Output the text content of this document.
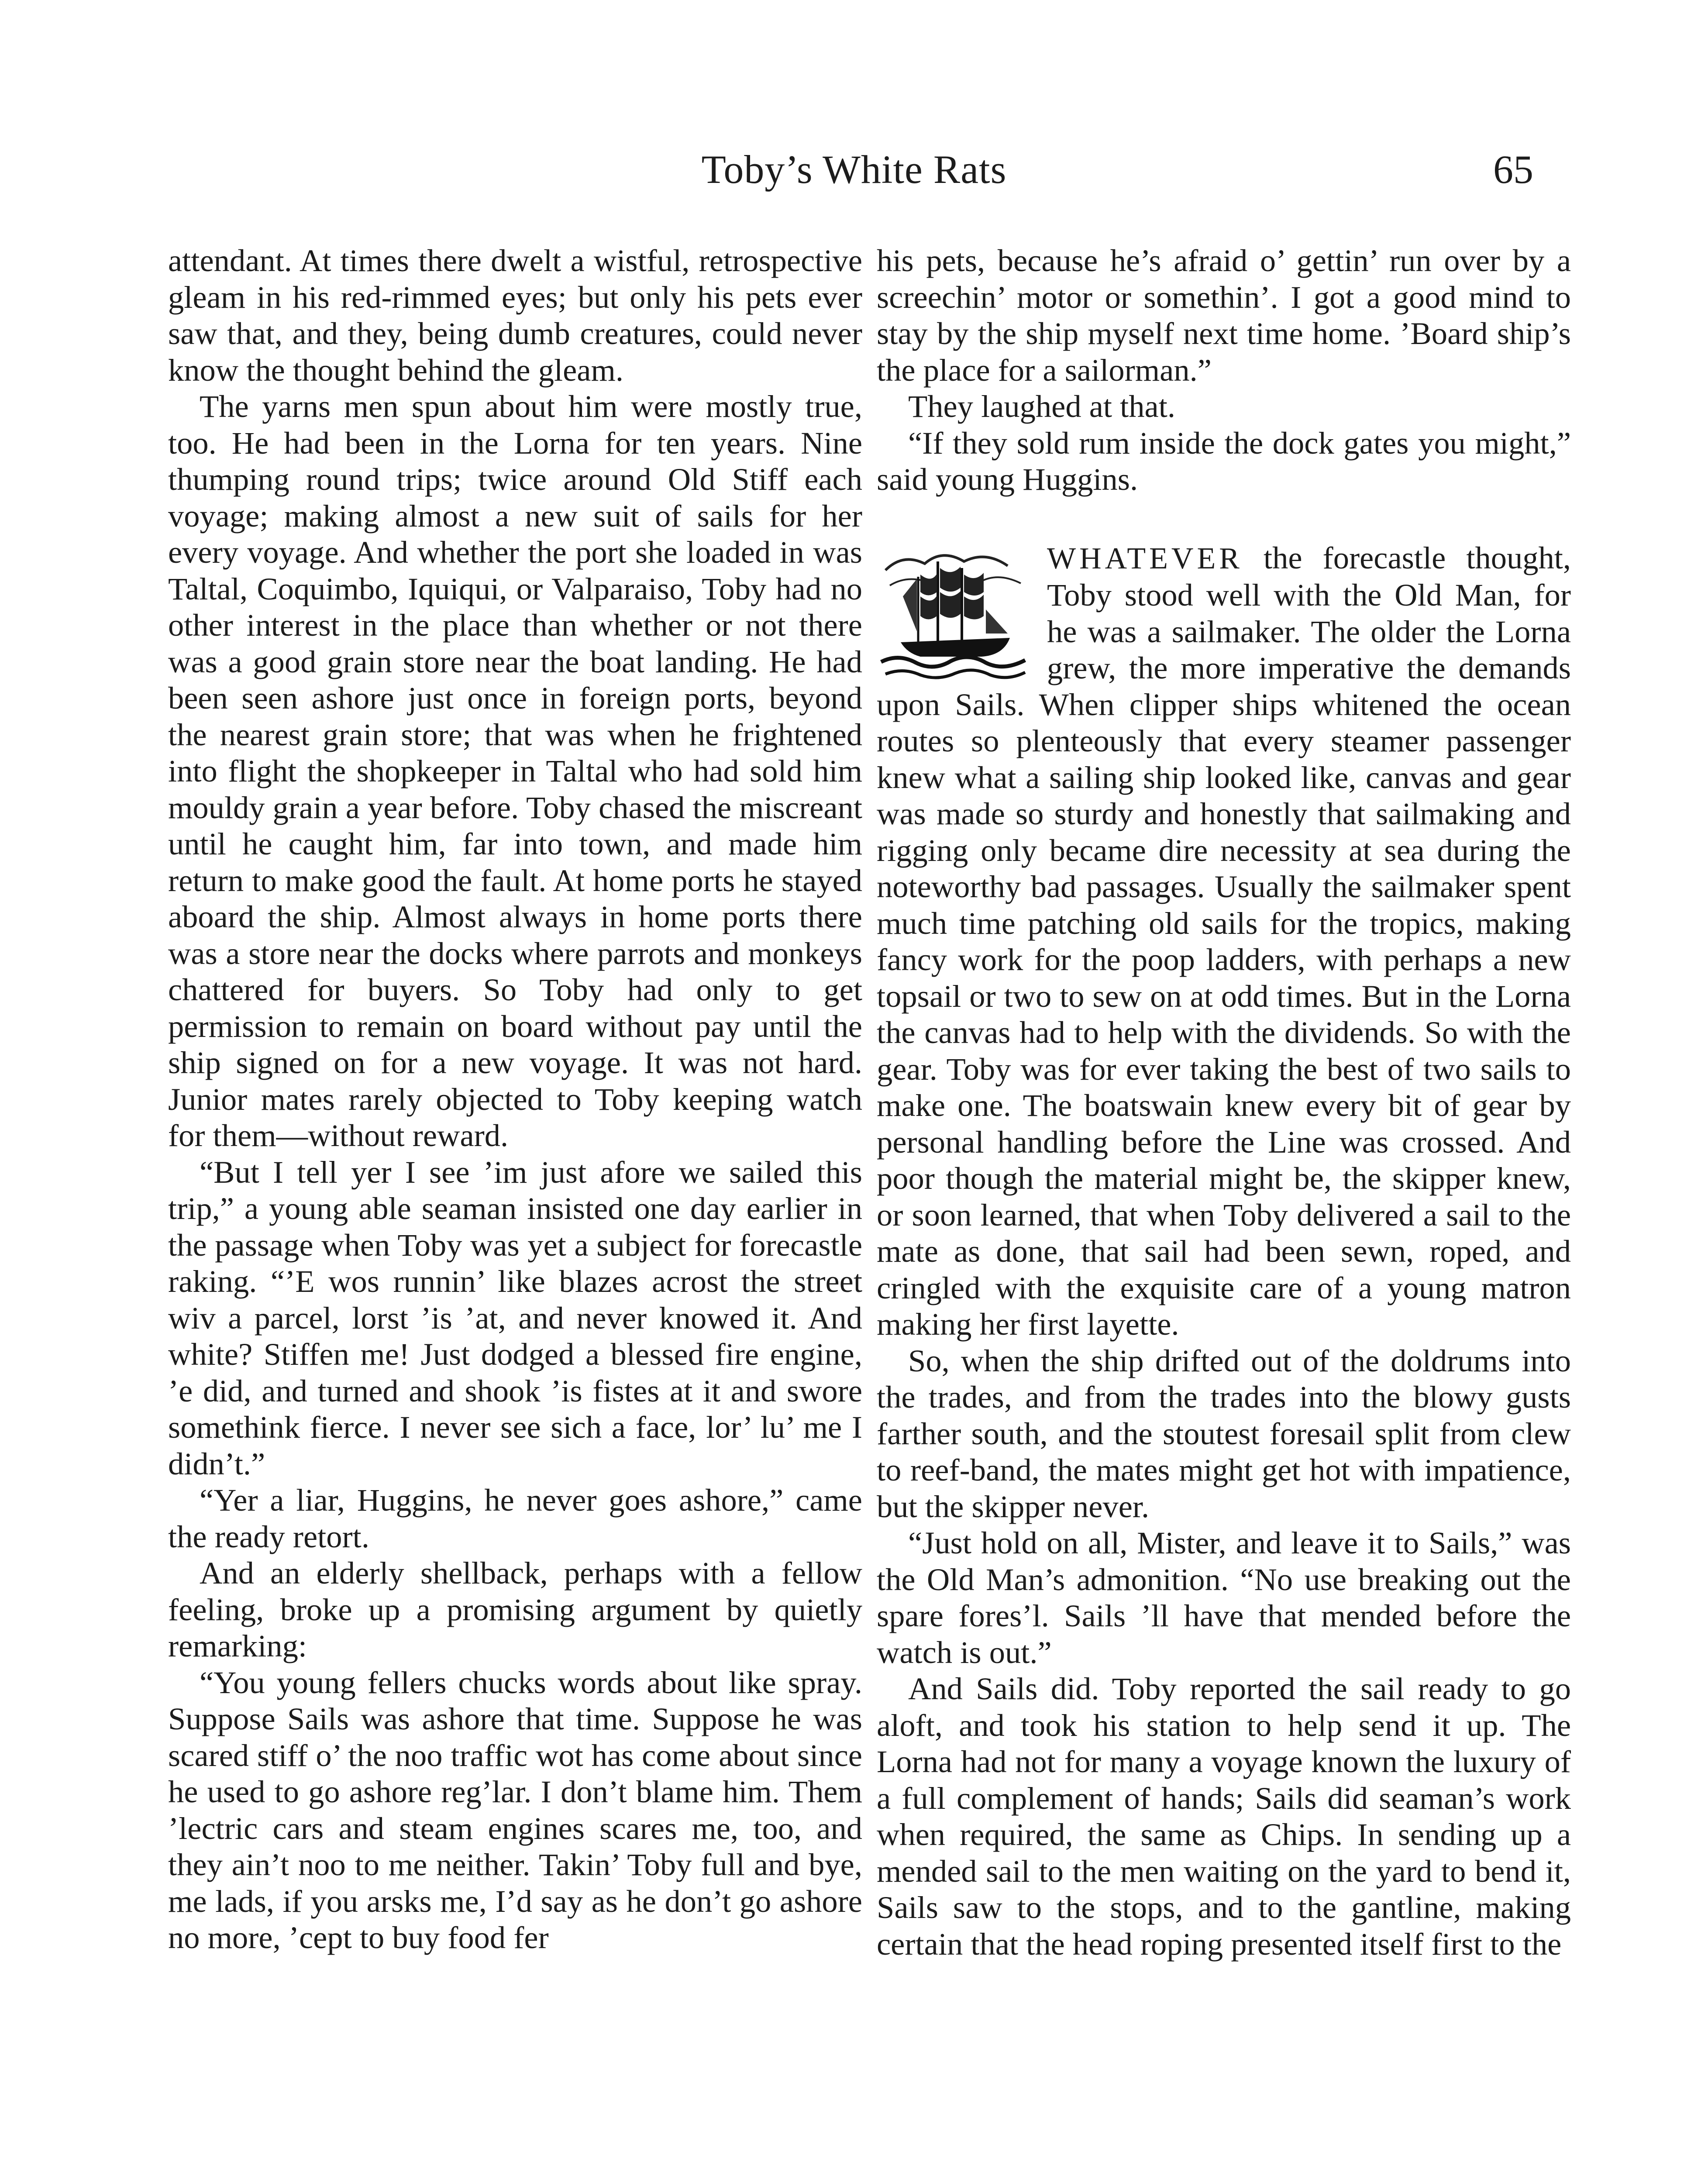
Toby’s White Rats	65

attendant. At times there dwelt a wistful, retrospective gleam in his red-rimmed eyes; but only his pets ever saw that, and they, being dumb creatures, could never know the thought behind the gleam.

The yarns men spun about him were mostly true, too. He had been in the Lorna for ten years. Nine thumping round trips; twice around Old Stiff each voyage; making almost a new suit of sails for her every voyage. And whether the port she loaded in was Taltal, Coquimbo, Iquiqui, or Valparaiso, Toby had no other interest in the place than whether or not there was a good grain store near the boat landing. He had been seen ashore just once in foreign ports, beyond the nearest grain store; that was when he frightened into flight the shopkeeper in Taltal who had sold him mouldy grain a year before. Toby chased the miscreant until he caught him, far into town, and made him return to make good the fault. At home ports he stayed aboard the ship. Almost always in home ports there was a store near the docks where parrots and monkeys chattered for buyers. So Toby had only to get permission to remain on board without pay until the ship signed on for a new voyage. It was not hard. Junior mates rarely objected to Toby keeping watch for them—without reward.

“But I tell yer I see ’im just afore we sailed this trip,” a young able seaman insisted one day earlier in the passage when Toby was yet a subject for forecastle raking. “’E wos runnin’ like blazes acrost the street wiv a parcel, lorst ’is ’at, and never knowed it. And white? Stiffen me! Just dodged a blessed fire engine, ’e did, and turned and shook ’is fistes at it and swore somethink fierce. I never see sich a face, lor’ lu’ me I didn’t.”

“Yer a liar, Huggins, he never goes ashore,” came the ready retort.

And an elderly shellback, perhaps with a fellow feeling, broke up a promising argument by quietly remarking:

“You young fellers chucks words about like spray. Suppose Sails was ashore that time. Suppose he was scared stiff o’ the noo traffic wot has come about since he used to go ashore reg’lar. I don’t blame him. Them ’lectric cars and steam engines scares me, too, and they ain’t noo to me neither. Takin’ Toby full and bye, me lads, if you arsks me, I’d say as he don’t go ashore no more, ’cept to buy food fer

his pets, because he’s afraid o’ gettin’ run over by a screechin’ motor or somethin’. I got a good mind to stay by the ship myself next time home. ’Board ship’s the place for a sailorman.”

They laughed at that.

“If they sold rum inside the dock gates you might,” said young Huggins.

WHATEVER the forecastle thought, Toby stood well with the Old Man, for he was a sailmaker. The older the Lorna grew, the more imperative the demands upon Sails. When clipper ships whitened the ocean routes so plenteously that every steamer passenger knew what a sailing ship looked like, canvas and gear was made so sturdy and honestly that sailmaking and rigging only became dire necessity at sea during the noteworthy bad passages. Usually the sailmaker spent much time patching old sails for the tropics, making fancy work for the poop ladders, with perhaps a new topsail or two to sew on at odd times. But in the Lorna the canvas had to help with the dividends. So with the gear. Toby was for ever taking the best of two sails to make one. The boatswain knew every bit of gear by personal handling before the Line was crossed. And poor though the material might be, the skipper knew, or soon learned, that when Toby delivered a sail to the mate as done, that sail had been sewn, roped, and cringled with the exquisite care of a young matron making her first layette.

So, when the ship drifted out of the doldrums into the trades, and from the trades into the blowy gusts farther south, and the stoutest foresail split from clew to reef-band, the mates might get hot with impatience, but the skipper never.

“Just hold on all, Mister, and leave it to Sails,” was the Old Man’s admonition. “No use breaking out the spare fores’l. Sails ’ll have that mended before the watch is out.”

And Sails did. Toby reported the sail ready to go aloft, and took his station to help send it up. The Lorna had not for many a voyage known the luxury of a full complement of hands; Sails did seaman’s work when required, the same as Chips. In sending up a mended sail to the men waiting on the yard to bend it, Sails saw to the stops, and to the gantline, making certain that the head roping presented itself first to the
